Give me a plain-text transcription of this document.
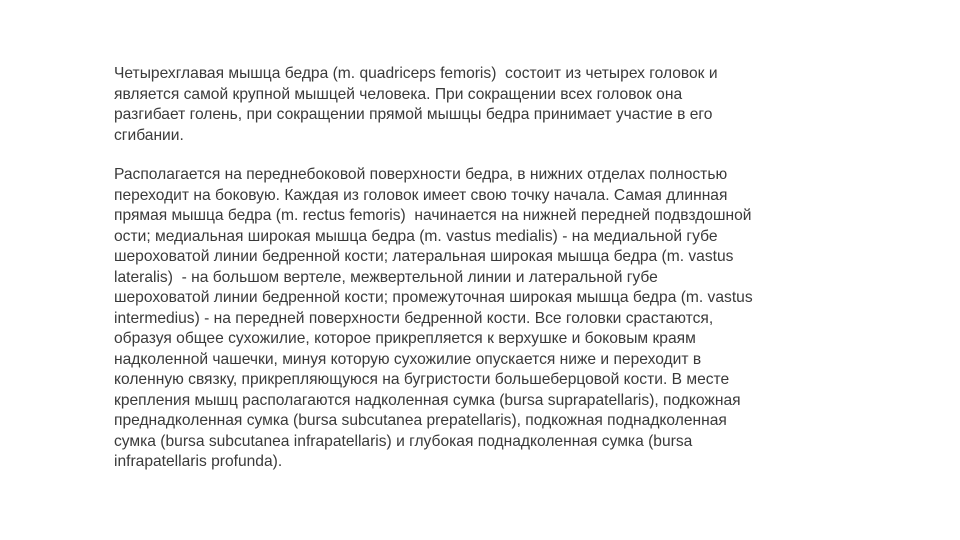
Четырехглавая мышца бедра (m. quadriceps femoris)  состоит из четырех головок и
является самой крупной мышцей человека. При сокращении всех головок она
разгибает голень, при сокращении прямой мышцы бедра принимает участие в его
сгибании.
Располагается на переднебоковой поверхности бедра, в нижних отделах полностью
переходит на боковую. Каждая из головок имеет свою точку начала. Самая длинная
прямая мышца бедра (m. rectus femoris)  начинается на нижней передней подвздошной
ости; медиальная широкая мышца бедра (m. vastus medialis) - на медиальной губе
шероховатой линии бедренной кости; латеральная широкая мышца бедра (m. vastus
lateralis)  - на большом вертеле, межвертельной линии и латеральной губе
шероховатой линии бедренной кости; промежуточная широкая мышца бедра (m. vastus
intermedius) - на передней поверхности бедренной кости. Все головки срастаются,
образуя общее сухожилие, которое прикрепляется к верхушке и боковым краям
надколенной чашечки, минуя которую сухожилие опускается ниже и переходит в
коленную связку, прикрепляющуюся на бугристости большеберцовой кости. В месте
крепления мышц располагаются надколенная сумка (bursa suprapatellaris), подкожная
преднадколенная сумка (bursa subcutanea prepatellaris), подкожная поднадколенная
сумка (bursa subcutanea infrapatellaris) и глубокая поднадколенная сумка (bursa
infrapatellaris profunda).
